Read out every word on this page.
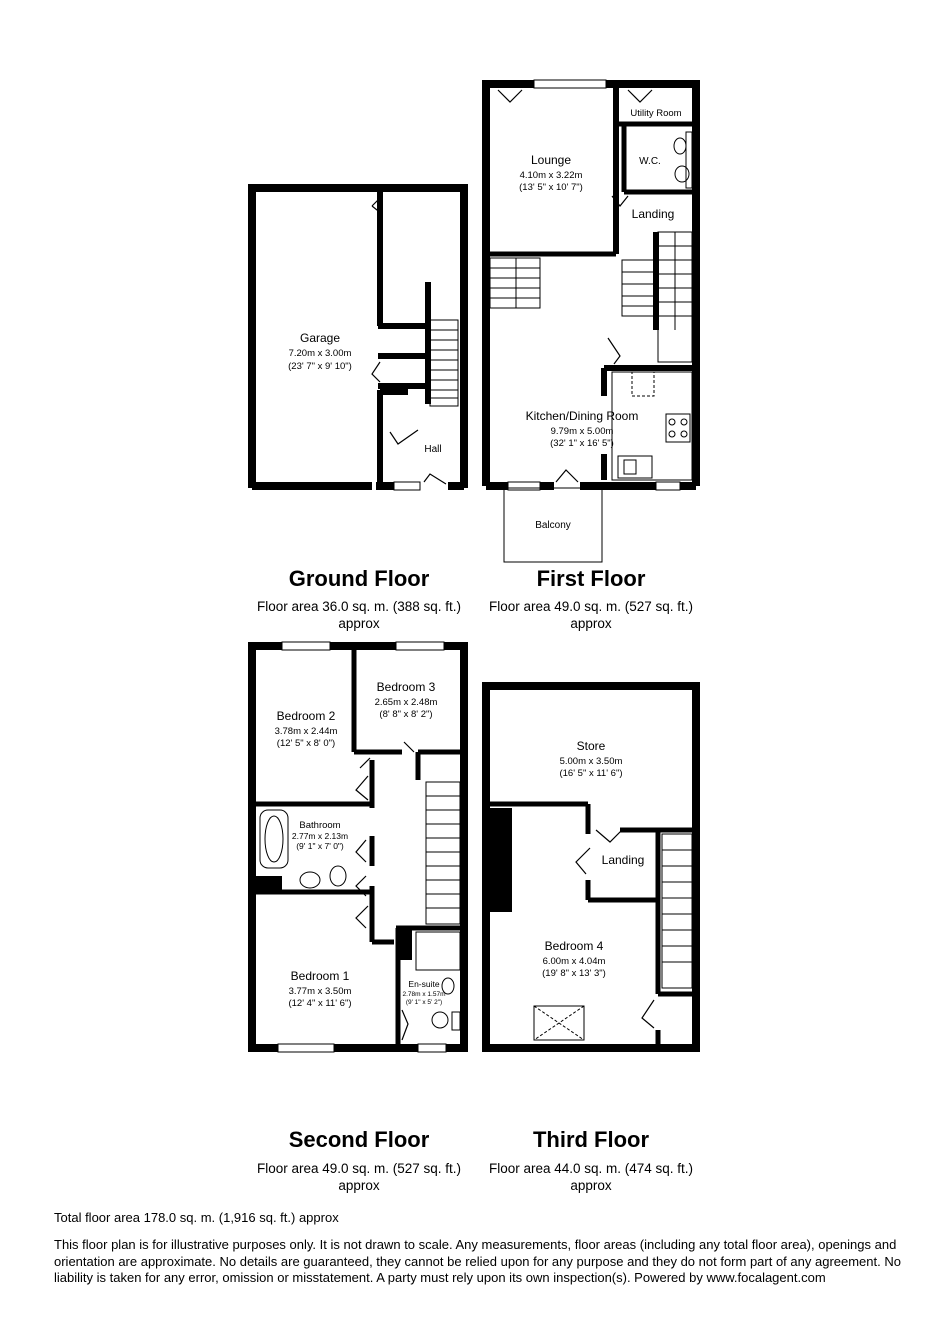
Garage
7.20m x 3.00m
(23' 7" x 9' 10")
Hall
Lounge
4.10m x 3.22m
(13' 5" x 10' 7")
Utility Room
W.C.
Landing
Kitchen/Dining Room
9.79m x 5.00m
(32' 1" x 16' 5")
Balcony
Bedroom 2
3.78m x 2.44m
(12' 5" x 8' 0")
Bedroom 3
2.65m x 2.48m
(8' 8" x 8' 2")
Bathroom
2.77m x 2.13m
(9' 1" x 7' 0")
Bedroom 1
3.77m x 3.50m
(12' 4" x 11' 6")
En-suite
2.78m x 1.57m
(9' 1" x 5' 2")
Store
5.00m x 3.50m
(16' 5" x 11' 6")
Landing
Bedroom 4
6.00m x 4.04m
(19' 8" x 13' 3")
Ground Floor
Floor area 36.0 sq. m. (388 sq. ft.)
approx
First Floor
Floor area 49.0 sq. m. (527 sq. ft.)
approx
Second Floor
Floor area 49.0 sq. m. (527 sq. ft.)
approx
Third Floor
Floor area 44.0 sq. m. (474 sq. ft.)
approx
Total floor area 178.0 sq. m. (1,916 sq. ft.) approx
This floor plan is for illustrative purposes only. It is not drawn to scale. Any measurements, floor areas (including any total floor area), openings and orientation are approximate. No details are guaranteed, they cannot be relied upon for any purpose and they do not form part of any agreement. No liability is taken for any error, omission or misstatement. A party must rely upon its own inspection(s). Powered by www.focalagent.com
